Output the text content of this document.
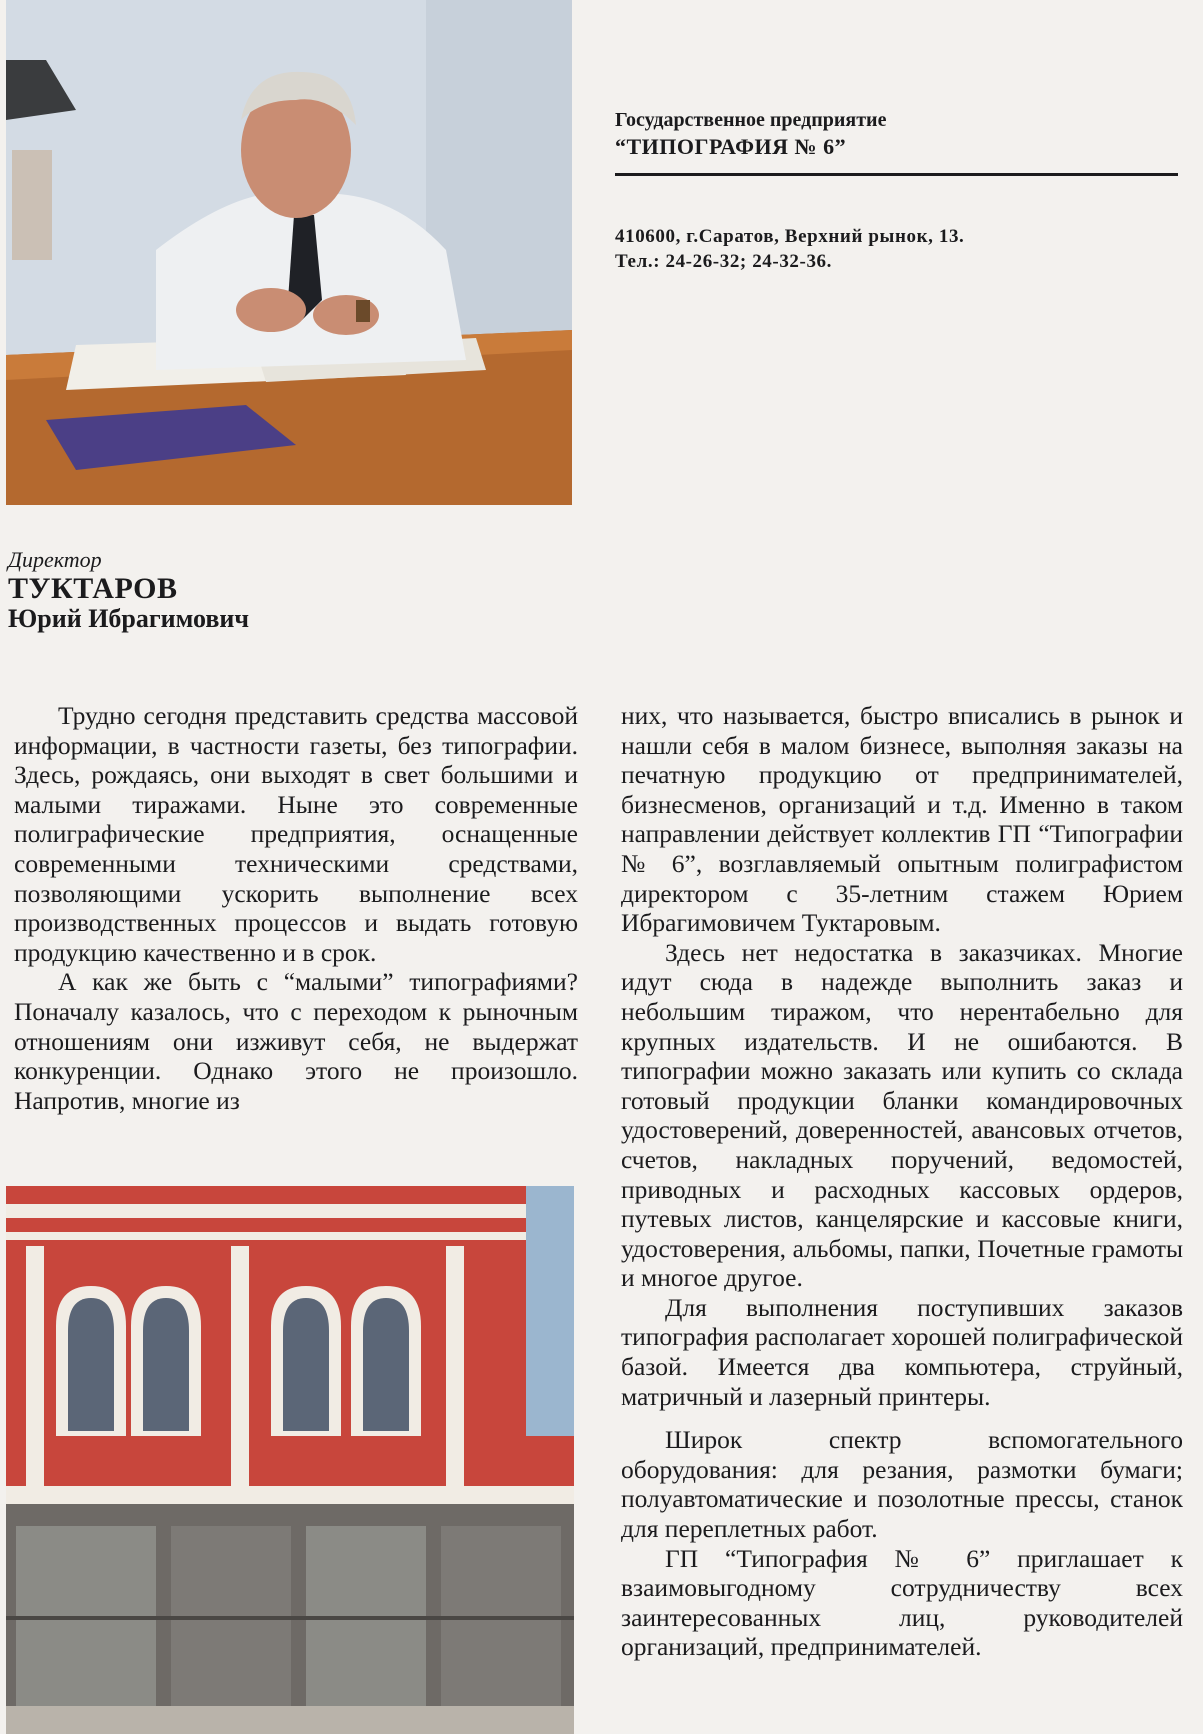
Директор
ТУКТАРОВ
Юрий Ибрагимович
Государственное предприятие
“ТИПОГРАФИЯ № 6”
410600, г.Саратов, Верхний рынок, 13.
Тел.: 24-26-32; 24-32-36.

Трудно сегодня представить средства массовой информации, в частности газеты, без типографии. Здесь, рождаясь, они выходят в свет большими и малыми тиражами. Ныне это современные полиграфические предприятия, оснащенные современными техническими средствами, позволяющими ускорить выполнение всех производственных процессов и выдать готовую продукцию качественно и в срок.

А как же быть с “малыми” типографиями? Поначалу казалось, что с переходом к рыночным отношениям они изживут себя, не выдержат конкуренции. Однако этого не произошло. Напротив, многие из

них, что называется, быстро вписались в рынок и нашли себя в малом бизнесе, выполняя заказы на печатную продукцию от предпринимателей, бизнесменов, организаций и т.д. Именно в таком направлении действует коллектив ГП “Типографии № 6”, возглавляемый опытным полиграфистом директором с 35-летним стажем Юрием Ибрагимовичем Туктаровым.

Здесь нет недостатка в заказчиках. Многие идут сюда в надежде выполнить заказ и небольшим тиражом, что нерентабельно для крупных издательств. И не ошибаются. В типографии можно заказать или купить со склада готовый продукции бланки командировочных удостоверений, доверенностей, авансовых отчетов, счетов, накладных поручений, ведомостей, приводных и расходных кассовых ордеров, путевых листов, канцелярские и кассовые книги, удостоверения, альбомы, папки, Почетные грамоты и многое другое.

Для выполнения поступивших заказов типография располагает хорошей полиграфической базой. Имеется два компьютера, струйный, матричный и лазерный принтеры.

Широк спектр вспомогательного оборудования: для резания, размотки бумаги; полуавтоматические и позолотные прессы, станок для переплетных работ.

ГП “Типография № 6” приглашает к взаимовыгодному сотрудничеству всех заинтересованных лиц, руководителей организаций, предпринимателей.
